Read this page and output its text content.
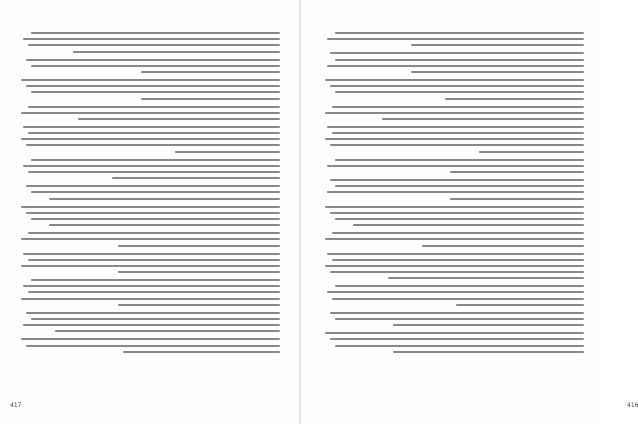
417	416
